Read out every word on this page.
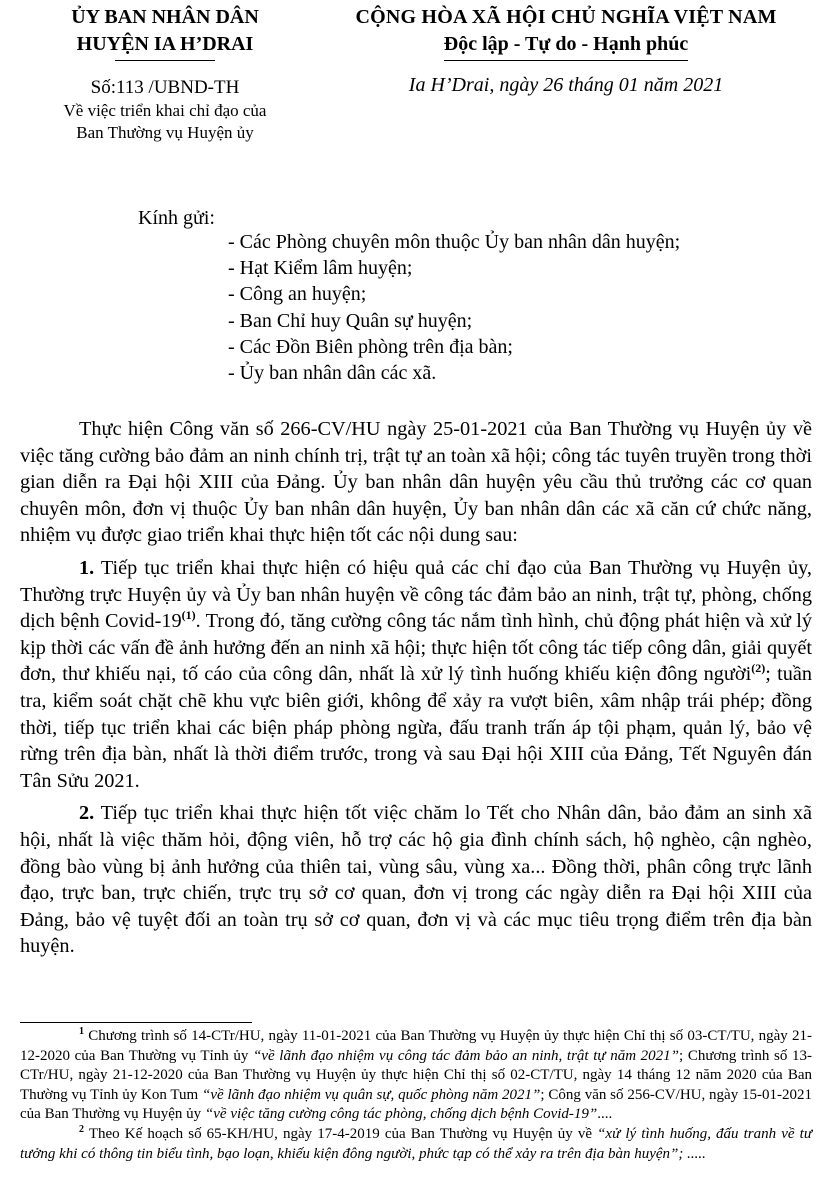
ỦY BAN NHÂN DÂN
HUYỆN IA H’DRAI
Số:113 /UBND-TH
Về việc triển khai chỉ đạo của
Ban Thường vụ Huyện ủy
CỘNG HÒA XÃ HỘI CHỦ NGHĨA VIỆT NAM
Độc lập - Tự do - Hạnh phúc
Ia H’Drai, ngày 26 tháng 01 năm 2021
Kính gửi:
- Các Phòng chuyên môn thuộc Ủy ban nhân dân huyện;
- Hạt Kiểm lâm huyện;
- Công an huyện;
- Ban Chỉ huy Quân sự huyện;
- Các Đồn Biên phòng trên địa bàn;
- Ủy ban nhân dân các xã.

Thực hiện Công văn số 266-CV/HU ngày 25-01-2021 của Ban Thường vụ Huyện ủy về việc tăng cường bảo đảm an ninh chính trị, trật tự an toàn xã hội; công tác tuyên truyền trong thời gian diễn ra Đại hội XIII của Đảng. Ủy ban nhân dân huyện yêu cầu thủ trưởng các cơ quan chuyên môn, đơn vị thuộc Ủy ban nhân dân huyện, Ủy ban nhân dân các xã căn cứ chức năng, nhiệm vụ được giao triển khai thực hiện tốt các nội dung sau:

1. Tiếp tục triển khai thực hiện có hiệu quả các chỉ đạo của Ban Thường vụ Huyện ủy, Thường trực Huyện ủy và Ủy ban nhân huyện về công tác đảm bảo an ninh, trật tự, phòng, chống dịch bệnh Covid-19$^{(1)}$. Trong đó, tăng cường công tác nắm tình hình, chủ động phát hiện và xử lý kịp thời các vấn đề ảnh hưởng đến an ninh xã hội; thực hiện tốt công tác tiếp công dân, giải quyết đơn, thư khiếu nại, tố cáo của công dân, nhất là xử lý tình huống khiếu kiện đông người$^{(2)}$; tuần tra, kiểm soát chặt chẽ khu vực biên giới, không để xảy ra vượt biên, xâm nhập trái phép; đồng thời, tiếp tục triển khai các biện pháp phòng ngừa, đấu tranh trấn áp tội phạm, quản lý, bảo vệ rừng trên địa bàn, nhất là thời điểm trước, trong và sau Đại hội XIII của Đảng, Tết Nguyên đán Tân Sửu 2021.

2. Tiếp tục triển khai thực hiện tốt việc chăm lo Tết cho Nhân dân, bảo đảm an sinh xã hội, nhất là việc thăm hỏi, động viên, hỗ trợ các hộ gia đình chính sách, hộ nghèo, cận nghèo, đồng bào vùng bị ảnh hưởng của thiên tai, vùng sâu, vùng xa... Đồng thời, phân công trực lãnh đạo, trực ban, trực chiến, trực trụ sở cơ quan, đơn vị trong các ngày diễn ra Đại hội XIII của Đảng, bảo vệ tuyệt đối an toàn trụ sở cơ quan, đơn vị và các mục tiêu trọng điểm trên địa bàn huyện.

$^1$ Chương trình số 14-CTr/HU, ngày 11-01-2021 của Ban Thường vụ Huyện ủy thực hiện Chỉ thị số 03-CT/TU, ngày 21-12-2020 của Ban Thường vụ Tỉnh ủy “về lãnh đạo nhiệm vụ công tác đảm bảo an ninh, trật tự năm 2021”; Chương trình số 13-CTr/HU, ngày 21-12-2020 của Ban Thường vụ Huyện ủy thực hiện Chỉ thị số 02-CT/TU, ngày 14 tháng 12 năm 2020 của Ban Thường vụ Tỉnh ủy Kon Tum “về lãnh đạo nhiệm vụ quân sự, quốc phòng năm 2021”; Công văn số 256-CV/HU, ngày 15-01-2021 của Ban Thường vụ Huyện ủy “về việc tăng cường công tác phòng, chống dịch bệnh Covid-19”....

$^2$ Theo Kế hoạch số 65-KH/HU, ngày 17-4-2019 của Ban Thường vụ Huyện ủy về “xử lý tình huống, đấu tranh về tư tưởng khi có thông tin biểu tình, bạo loạn, khiếu kiện đông người, phức tạp có thể xảy ra trên địa bàn huyện”; .....
